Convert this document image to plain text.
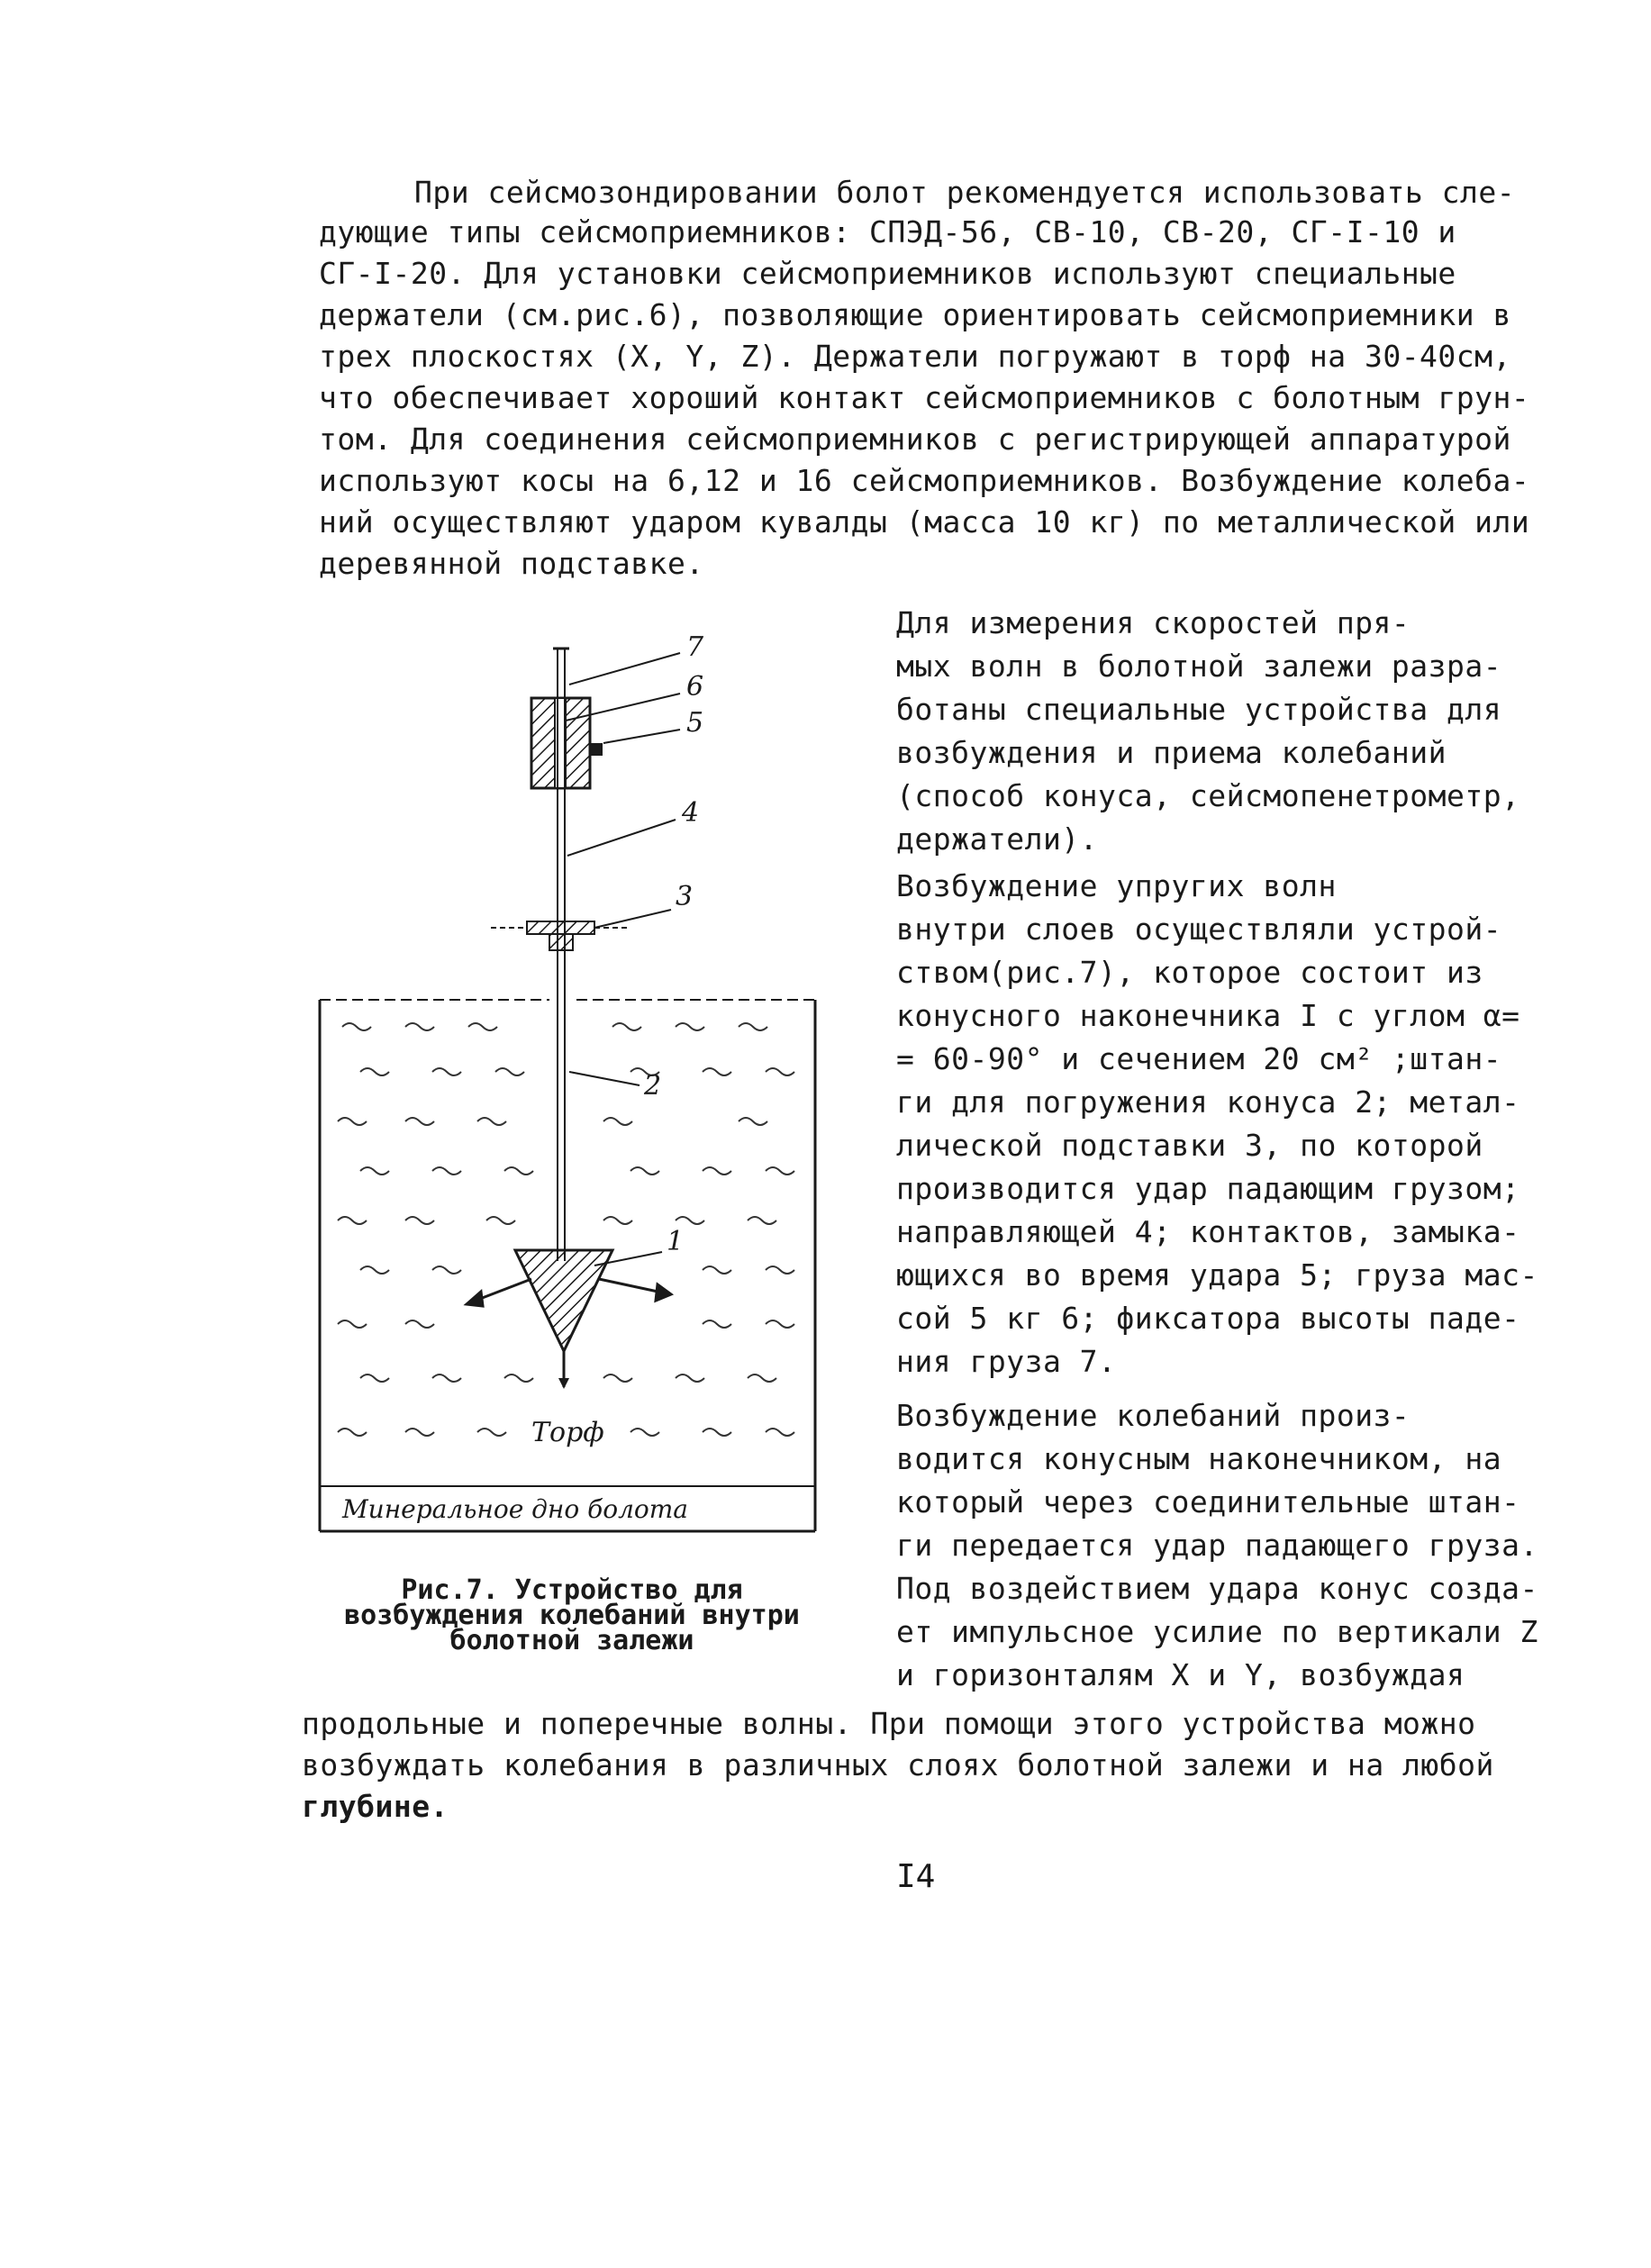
При сейсмозондировании болот рекомендуется использовать сле-
дующие типы сейсмоприемников: СПЭД-56, СВ-10, СВ-20, СГ-I-10 и
СГ-I-20. Для установки сейсмоприемников используют специальные
держатели (см.рис.6), позволяющие ориентировать сейсмоприемники в
трех плоскостях (X, Y, Z). Держатели погружают в торф на 30-40см,
что обеспечивает хороший контакт сейсмоприемников с болотным грун-
том. Для соединения сейсмоприемников с регистрирующей аппаратурой
используют косы на 6,12 и 16 сейсмоприемников. Возбуждение колеба-
ний осуществляют ударом кувалды (масса 10 кг) по металлической или
деревянной подставке.
Для измерения скоростей пря-
мых волн в болотной залежи разра-
ботаны специальные устройства для
возбуждения и приема колебаний
(способ конуса, сейсмопенетрометр,
держатели).
Возбуждение упругих волн
внутри слоев осуществляли устрой-
ством(рис.7), которое состоит из
конусного наконечника I с углом α=
= 60-90° и сечением 20 см² ;штан-
ги для погружения конуса 2; метал-
лической подставки 3, по которой
производится удар падающим грузом;
направляющей 4; контактов, замыка-
ющихся во время удара 5; груза мас-
сой 5 кг 6; фиксатора высоты паде-
ния груза 7.
Возбуждение колебаний произ-
водится конусным наконечником, на
который через соединительные штан-
ги передается удар падающего груза.
Под воздействием удара конус созда-
ет импульсное усилие по вертикали Z
и горизонталям X и Y, возбуждая
7
6
5
4
3
2
1
Торф
Минеральное дно болота
Рис.7. Устройство для
возбуждения колебаний внутри
болотной залежи
продольные и поперечные волны. При помощи этого устройства можно
возбуждать колебания в различных слоях болотной залежи и на любой
глубине.
I4
